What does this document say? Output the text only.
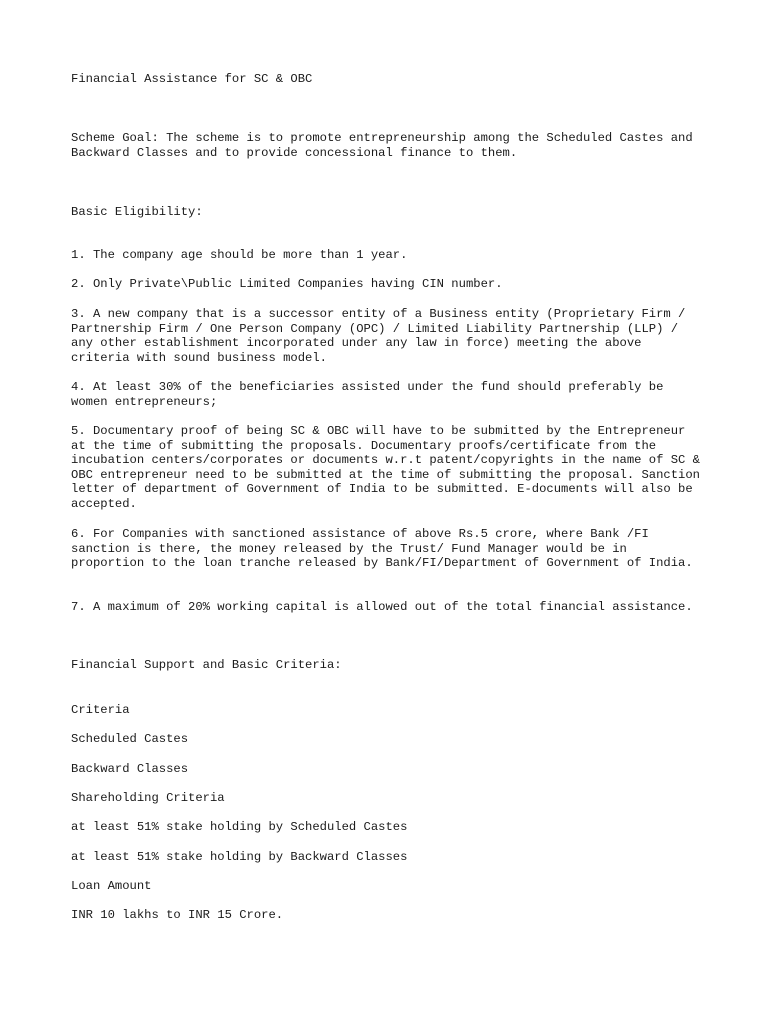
Financial Assistance for SC & OBC

Scheme Goal: The scheme is to promote entrepreneurship among the Scheduled Castes and Backward Classes and to provide concessional finance to them.

Basic Eligibility:

1. The company age should be more than 1 year.

2. Only Private\Public Limited Companies having CIN number.

3. A new company that is a successor entity of a Business entity (Proprietary Firm / Partnership Firm / One Person Company (OPC) / Limited Liability Partnership (LLP) / any other establishment incorporated under any law in force) meeting the above criteria with sound business model.

4. At least 30% of the beneficiaries assisted under the fund should preferably be women entrepreneurs;

5. Documentary proof of being SC & OBC will have to be submitted by the Entrepreneur at the time of submitting the proposals. Documentary proofs/certificate from the incubation centers/corporates or documents w.r.t patent/copyrights in the name of SC & OBC entrepreneur need to be submitted at the time of submitting the proposal. Sanction letter of department of Government of India to be submitted. E-documents will also be accepted.

6. For Companies with sanctioned assistance of above Rs.5 crore, where Bank /FI sanction is there, the money released by the Trust/ Fund Manager would be in proportion to the loan tranche released by Bank/FI/Department of Government of India.

7. A maximum of 20% working capital is allowed out of the total financial assistance.

Financial Support and Basic Criteria:

Criteria

Scheduled Castes

Backward Classes

Shareholding Criteria

at least 51% stake holding by Scheduled Castes

at least 51% stake holding by Backward Classes

Loan Amount

INR 10 lakhs to INR 15 Crore.
